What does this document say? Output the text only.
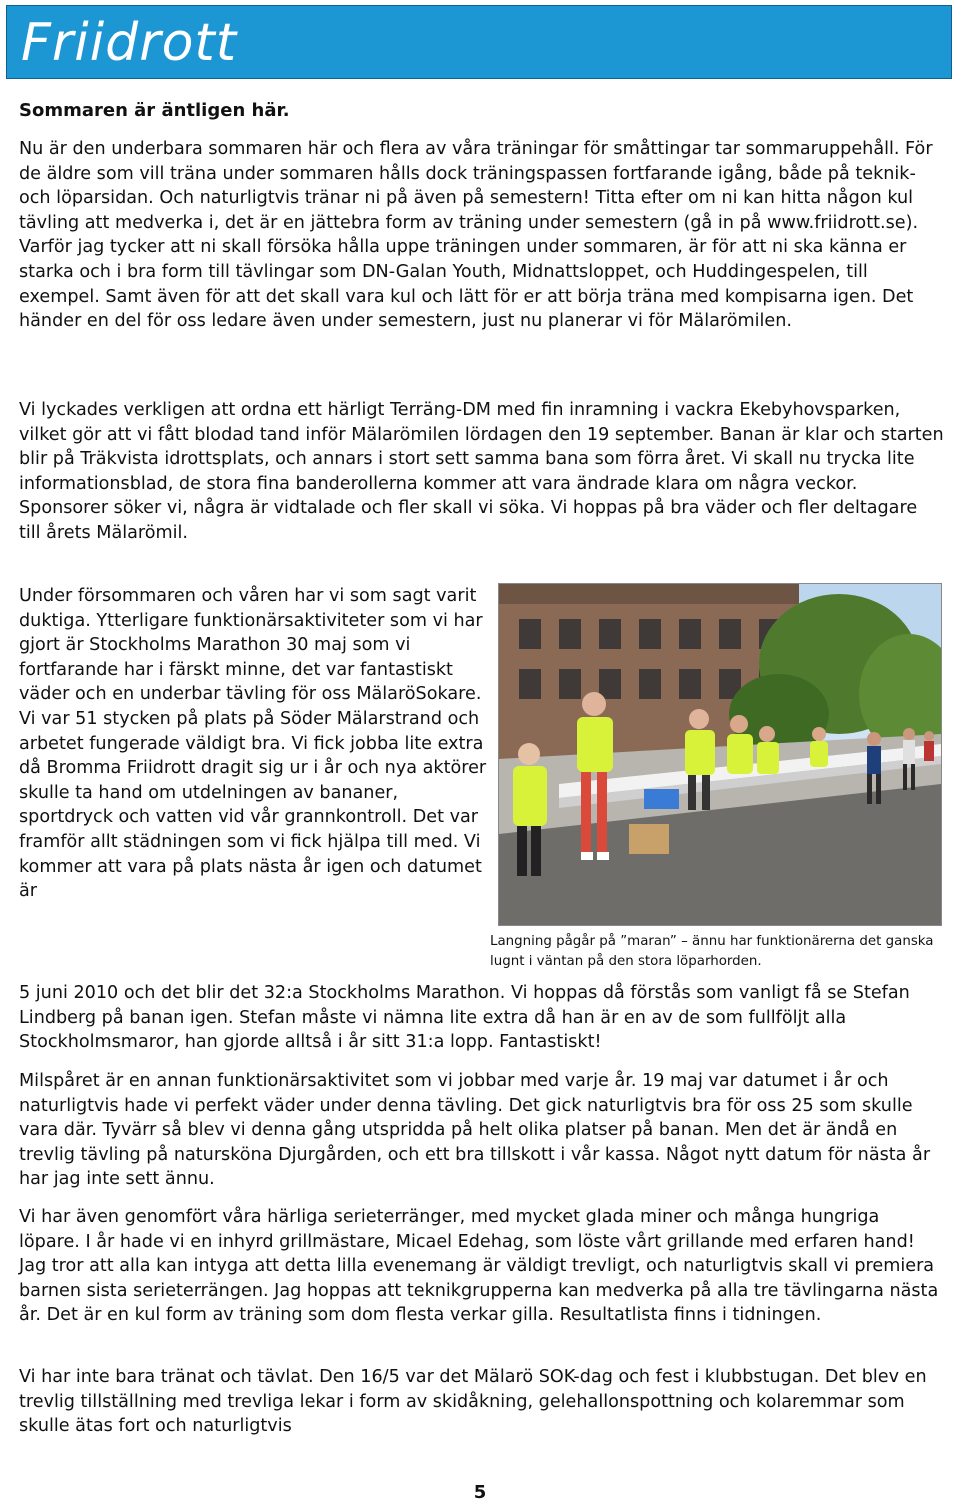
Friidrott
Sommaren är äntligen här.

Nu är den underbara sommaren här och flera av våra träningar för småttingar tar sommaruppehåll. För de äldre som vill träna under sommaren hålls dock träningspassen fortfarande igång, både på teknik- och löparsidan. Och naturligtvis tränar ni på även på semestern! Titta efter om ni kan hitta någon kul tävling att medverka i, det är en jättebra form av träning under semestern (gå in på www.friidrott.se). Varför jag tycker att ni skall försöka hålla uppe träningen under sommaren, är för att ni ska känna er starka och i bra form till tävlingar som DN-Galan Youth, Midnattsloppet, och Huddingespelen, till exempel. Samt även för att det skall vara kul och lätt för er att börja träna med kompisarna igen. Det händer en del för oss ledare även under semestern, just nu planerar vi för Mälarömilen.

Vi lyckades verkligen att ordna ett härligt Terräng-DM med fin inramning i vackra Ekebyhovsparken, vilket gör att vi fått blodad tand inför Mälarömilen lördagen den 19 september. Banan är klar och starten blir på Träkvista idrottsplats, och annars i stort sett samma bana som förra året. Vi skall nu trycka lite informationsblad, de stora fina banderollerna kommer att vara ändrade klara om några veckor. Sponsorer söker vi, några är vidtalade och fler skall vi söka. Vi hoppas på bra väder och fler deltagare till årets Mälarömil.

Under försommaren och våren har vi som sagt varit duktiga. Ytterligare funktionärsaktiviteter som vi har gjort är Stockholms Marathon 30 maj som vi fortfarande har i färskt minne, det var fantastiskt väder och en underbar tävling för oss MälaröSokare. Vi var 51 stycken på plats på Söder Mälarstrand och arbetet fungerade väldigt bra. Vi fick jobba lite extra då Bromma Friidrott dragit sig ur i år och nya aktörer skulle ta hand om utdelningen av bananer, sportdryck och vatten vid vår grannkontroll. Det var framför allt städningen som vi fick hjälpa till med. Vi kommer att vara på plats nästa år igen och datumet är

5 juni 2010 och det blir det 32:a Stockholms Marathon. Vi hoppas då förstås som vanligt få se Stefan Lindberg på banan igen. Stefan måste vi nämna lite extra då han är en av de som fullföljt alla Stockholmsmaror, han gjorde alltså i år sitt 31:a lopp. Fantastiskt!

Milspåret är en annan funktionärsaktivitet som vi jobbar med varje år. 19 maj var datumet i år och naturligtvis hade vi perfekt väder under denna tävling. Det gick naturligtvis bra för oss 25 som skulle vara där. Tyvärr så blev vi denna gång utspridda på helt olika platser på banan. Men det är ändå en trevlig tävling på natursköna Djurgården, och ett bra tillskott i vår kassa. Något nytt datum för nästa år har jag inte sett ännu.

Vi har även genomfört våra härliga serieterränger, med mycket glada miner och många hungriga löpare. I år hade vi en inhyrd grillmästare, Micael Edehag, som löste vårt grillande med erfaren hand! Jag tror att alla kan intyga att detta lilla evenemang är väldigt trevligt, och naturligtvis skall vi premiera barnen sista serieterrängen. Jag hoppas att teknikgrupperna kan medverka på alla tre tävlingarna nästa år. Det är en kul form av träning som dom flesta verkar gilla. Resultatlista finns i tidningen.

Vi har inte bara tränat och tävlat. Den 16/5 var det Mälarö SOK-dag och fest i klubbstugan. Det blev en trevlig tillställning med trevliga lekar i form av skidåkning, gelehallonspottning och kolaremmar som skulle ätas fort och naturligtvis

Langning pågår på ”maran” – ännu har funktionärerna det ganska lugnt i väntan på den stora löparhorden.
5
